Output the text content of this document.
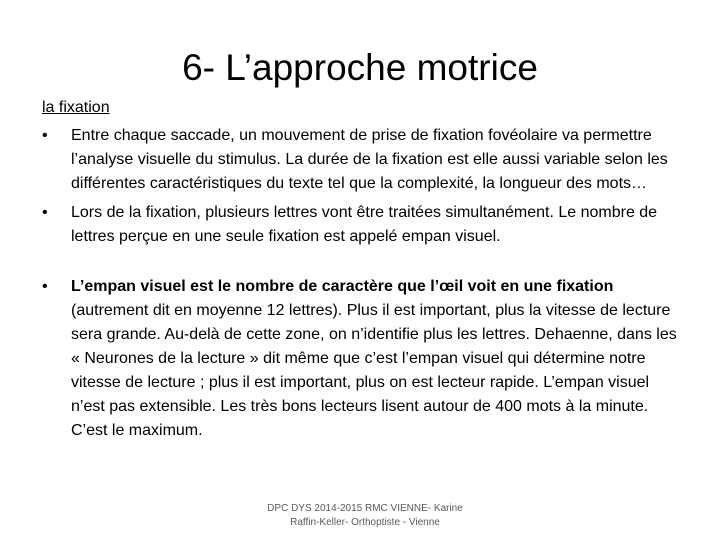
6- L’approche motrice

la fixation

• Entre chaque saccade, un mouvement de prise de fixation fovéolaire va permettre l’analyse visuelle du stimulus. La durée de la fixation est elle aussi variable selon les différentes caractéristiques du texte tel que la complexité, la longueur des mots…
• Lors de la fixation, plusieurs lettres vont être traitées simultanément. Le nombre de lettres perçue en une seule fixation est appelé empan visuel.
• L’empan visuel est le nombre de caractère que l’œil voit en une fixation (autrement dit en moyenne 12 lettres). Plus il est important, plus la vitesse de lecture sera grande. Au-delà de cette zone, on n’identifie plus les lettres. Dehaenne, dans les « Neurones de la lecture » dit même que c’est l’empan visuel qui détermine notre vitesse de lecture ; plus il est important, plus on est lecteur rapide. L’empan visuel n’est pas extensible. Les très bons lecteurs lisent autour de 400 mots à la minute. C’est le maximum.
DPC DYS 2014-2015 RMC VIENNE- Karine
Raffin-Keller- Orthoptiste - Vienne
